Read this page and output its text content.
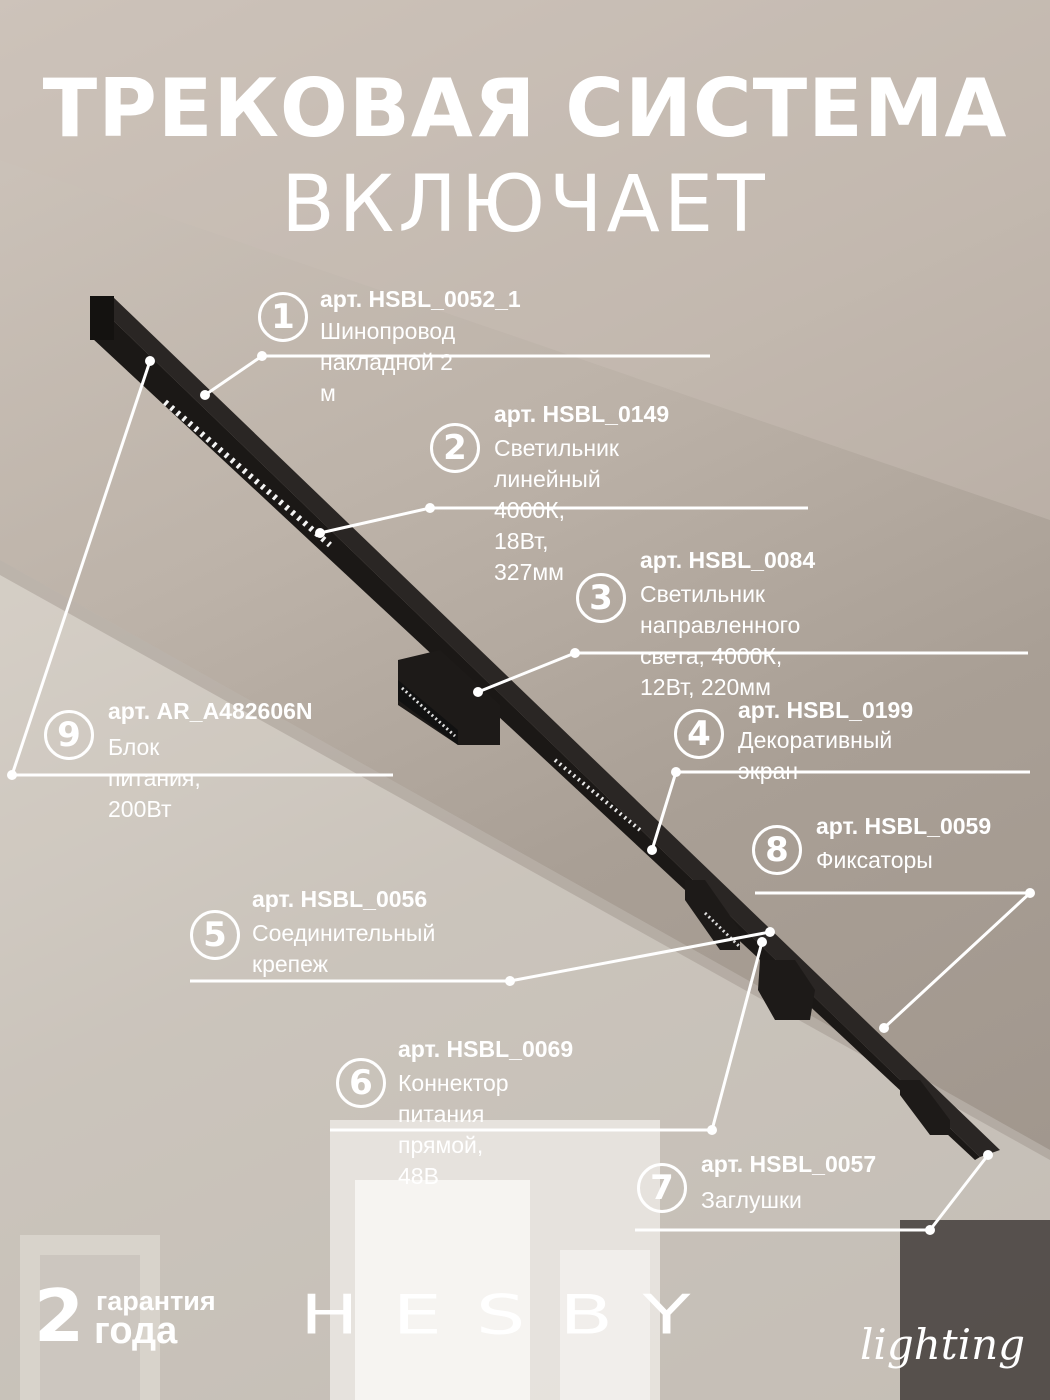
ТРЕКОВАЯ СИСТЕМА
ВКЛЮЧАЕТ
1	арт. HSBL_0052_1
Шинопровод накладной 2 м
2
арт. HSBL_0149
Светильник линейный
4000К, 18Вт, 327мм
3
арт. HSBL_0084
Светильник направленного
света, 4000К, 12Вт, 220мм
4
арт. HSBL_0199
Декоративный экран
8
арт. HSBL_0059
Фиксаторы
9
арт. AR_A482606N
Блок питания, 200Вт
5
арт. HSBL_0056
Соединительный
крепеж
6
арт. HSBL_0069
Коннектор питания
прямой, 48В	7
арт. HSBL_0057
Заглушки
2 гарантия
года HESBY	lighting
